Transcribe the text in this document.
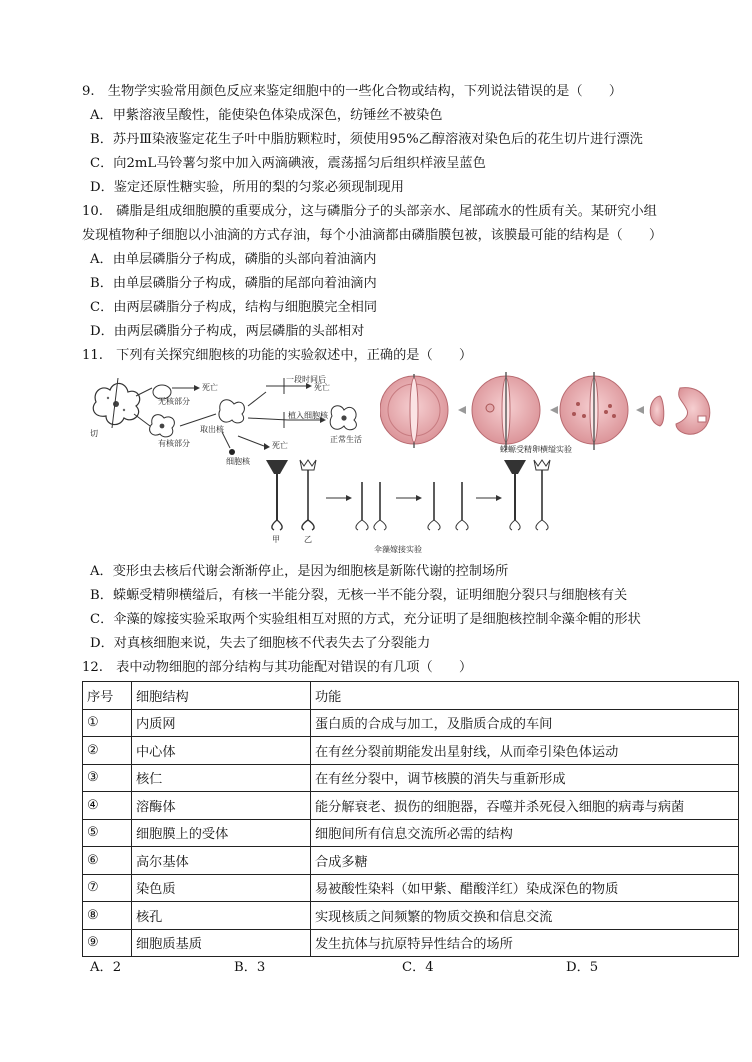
9.　生物学实验常用颜色反应来鉴定细胞中的一些化合物或结构，下列说法错误的是（　　）
A．甲紫溶液呈酸性，能使染色体染成深色，纺锤丝不被染色
B．苏丹Ⅲ染液鉴定花生子叶中脂肪颗粒时，须使用95%乙醇溶液对染色后的花生切片进行漂洗
C．向2mL马铃薯匀浆中加入两滴碘液，震荡摇匀后组织样液呈蓝色
D．鉴定还原性糖实验，所用的梨的匀浆必须现制现用
10.　磷脂是组成细胞膜的重要成分，这与磷脂分子的头部亲水、尾部疏水的性质有关。某研究小组
发现植物种子细胞以小油滴的方式存油，每个小油滴都由磷脂膜包被，该膜最可能的结构是（　　）
A．由单层磷脂分子构成，磷脂的头部向着油滴内
B．由单层磷脂分子构成，磷脂的尾部向着油滴内
C．由两层磷脂分子构成，结构与细胞膜完全相同
D．由两层磷脂分子构成，两层磷脂的头部相对
11.　下列有关探究细胞核的功能的实验叙述中，正确的是（　　）
切
无核部分
有核部分
死亡
取出核
死亡
细胞核
一段时间后
死亡
植入细胞核
正常生活
蝾螈受精卵横缢实验
甲	乙
伞藻嫁接实验
A．变形虫去核后代谢会渐渐停止，是因为细胞核是新陈代谢的控制场所
B．蝾螈受精卵横缢后，有核一半能分裂，无核一半不能分裂，证明细胞分裂只与细胞核有关
C．伞藻的嫁接实验采取两个实验组相互对照的方式，充分证明了是细胞核控制伞藻伞帽的形状
D．对真核细胞来说，失去了细胞核不代表失去了分裂能力
12.　表中动物细胞的部分结构与其功能配对错误的有几项（　　）
序号	细胞结构	功能
①	内质网	蛋白质的合成与加工，及脂质合成的车间
②	中心体	在有丝分裂前期能发出星射线，从而牵引染色体运动
③	核仁	在有丝分裂中，调节核膜的消失与重新形成
④	溶酶体	能分解衰老、损伤的细胞器，吞噬并杀死侵入细胞的病毒与病菌
⑤	细胞膜上的受体	细胞间所有信息交流所必需的结构
⑥	高尔基体	合成多糖
⑦	染色质	易被酸性染料（如甲紫、醋酸洋红）染成深色的物质
⑧	核孔	实现核质之间频繁的物质交换和信息交流
⑨	细胞质基质	发生抗体与抗原特异性结合的场所
A．2	B．3	C．4	D．5
